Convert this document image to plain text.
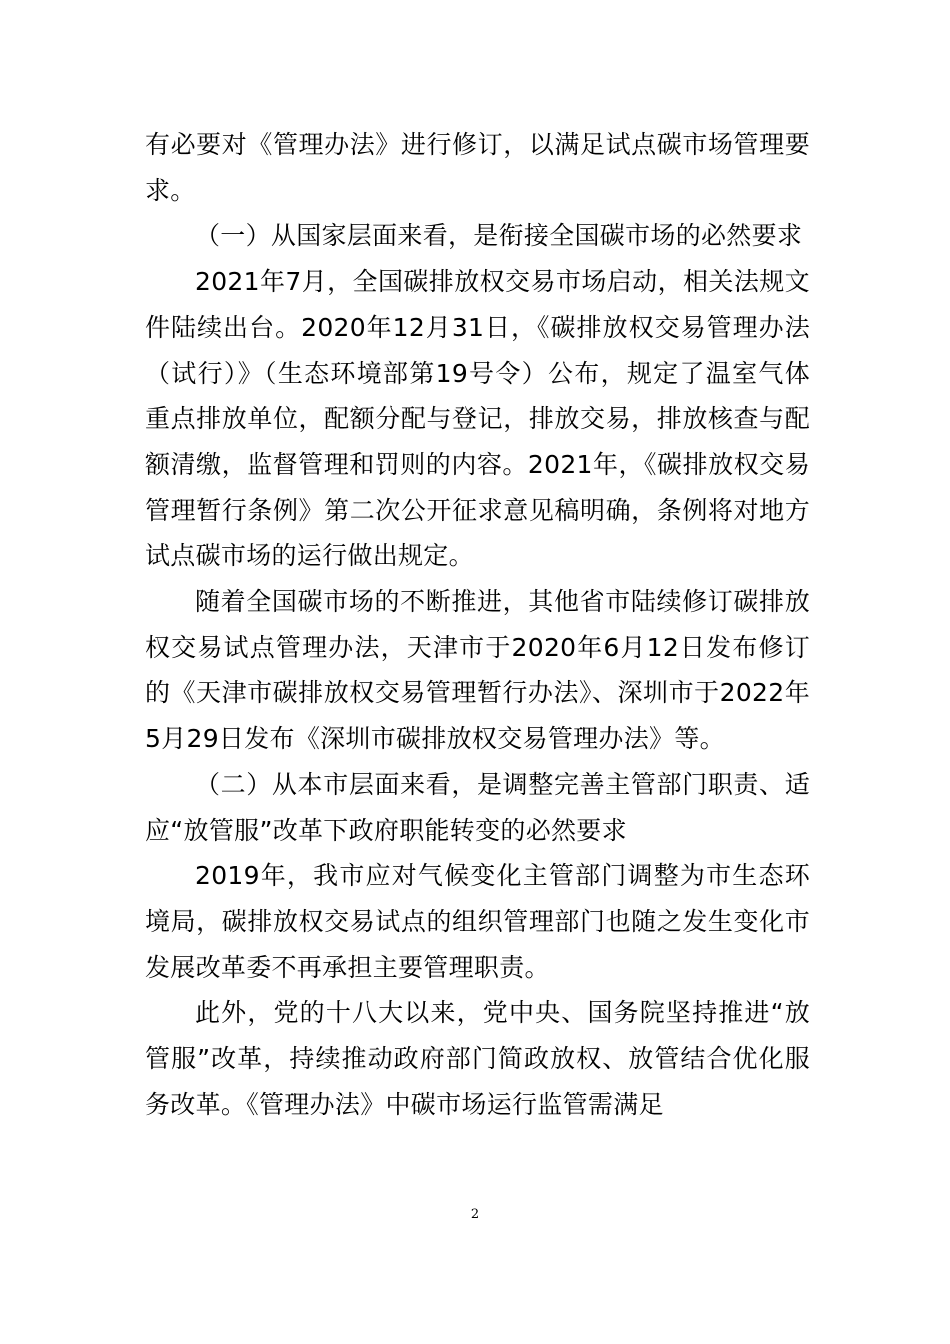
有必要对《管理办法》进行修订，以满足试点碳市场管理要求。

（一）从国家层面来看，是衔接全国碳市场的必然要求

2021年7月，全国碳排放权交易市场启动，相关法规文件陆续出台。2020年12月31日，《碳排放权交易管理办法（试行）》（生态环境部第19号令）公布，规定了温室气体重点排放单位，配额分配与登记，排放交易，排放核查与配额清缴，监督管理和罚则的内容。2021年，《碳排放权交易管理暂行条例》第二次公开征求意见稿明确，条例将对地方试点碳市场的运行做出规定。

随着全国碳市场的不断推进，其他省市陆续修订碳排放权交易试点管理办法，天津市于2020年6月12日发布修订的《天津市碳排放权交易管理暂行办法》、深圳市于2022年5月29日发布《深圳市碳排放权交易管理办法》等。

（二）从本市层面来看，是调整完善主管部门职责、适应“放管服”改革下政府职能转变的必然要求

2019年，我市应对气候变化主管部门调整为市生态环境局，碳排放权交易试点的组织管理部门也随之发生变化市发展改革委不再承担主要管理职责。

此外，党的十八大以来，党中央、国务院坚持推进“放管服”改革，持续推动政府部门简政放权、放管结合优化服务改革。《管理办法》中碳市场运行监管需满足

2
